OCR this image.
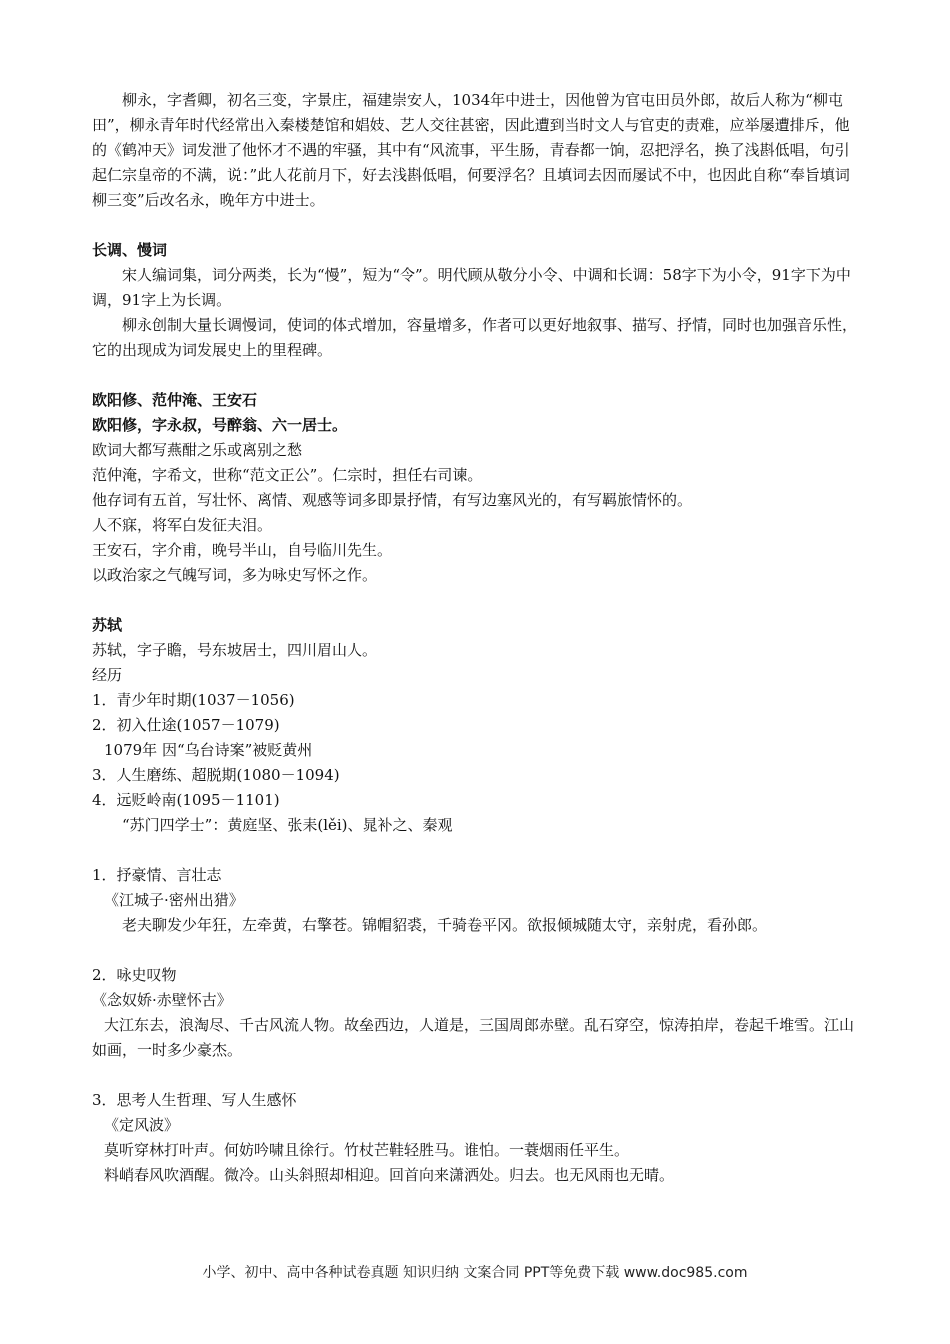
柳永，字耆卿，初名三变，字景庄，福建崇安人，1034年中进士，因他曾为官屯田员外郎，故后人称为“柳屯田”，柳永青年时代经常出入秦楼楚馆和娼妓、艺人交往甚密，因此遭到当时文人与官吏的责难，应举屡遭排斥，他的《鹤冲天》词发泄了他怀才不遇的牢骚，其中有“风流事，平生肠，青春都一饷，忍把浮名，换了浅斟低唱，句引起仁宗皇帝的不满，说：”此人花前月下，好去浅斟低唱，何要浮名？且填词去因而屡试不中，也因此自称“奉旨填词柳三变”后改名永，晚年方中进士。

长调、慢词

宋人编词集，词分两类，长为“慢”，短为“令”。明代顾从敬分小令、中调和长调：58字下为小令，91字下为中调，91字上为长调。

柳永创制大量长调慢词，使词的体式增加，容量增多，作者可以更好地叙事、描写、抒情，同时也加强音乐性，它的出现成为词发展史上的里程碑。

欧阳修、范仲淹、王安石

欧阳修，字永叔，号醉翁、六一居士。

欧词大都写燕酣之乐或离别之愁

范仲淹，字希文，世称“范文正公”。仁宗时，担任右司谏。

他存词有五首，写壮怀、离情、观感等词多即景抒情，有写边塞风光的，有写羁旅情怀的。

人不寐，将军白发征夫泪。

王安石，字介甫，晚号半山，自号临川先生。

以政治家之气魄写词，多为咏史写怀之作。

苏轼

苏轼，字子瞻，号东坡居士，四川眉山人。

经历

1．青少年时期(1037－1056)

2．初入仕途(1057－1079)

1079年 因“乌台诗案”被贬黄州

3．人生磨练、超脱期(1080－1094)

4．远贬岭南(1095－1101)

“苏门四学士”：黄庭坚、张耒(lěi)、晁补之、秦观

1．抒豪情、言壮志

《江城子·密州出猎》

老夫聊发少年狂，左牵黄，右擎苍。锦帽貂裘，千骑卷平冈。欲报倾城随太守，亲射虎，看孙郎。

2．咏史叹物

《念奴娇·赤壁怀古》

大江东去，浪淘尽、千古风流人物。故垒西边，人道是，三国周郎赤壁。乱石穿空，惊涛拍岸，卷起千堆雪。江山如画，一时多少豪杰。

3．思考人生哲理、写人生感怀

《定风波》

莫听穿林打叶声。何妨吟啸且徐行。竹杖芒鞋轻胜马。谁怕。一蓑烟雨任平生。

料峭春风吹酒醒。微冷。山头斜照却相迎。回首向来潇洒处。归去。也无风雨也无晴。

小学、初中、高中各种试卷真题 知识归纳 文案合同 PPT等免费下载 www.doc985.com
